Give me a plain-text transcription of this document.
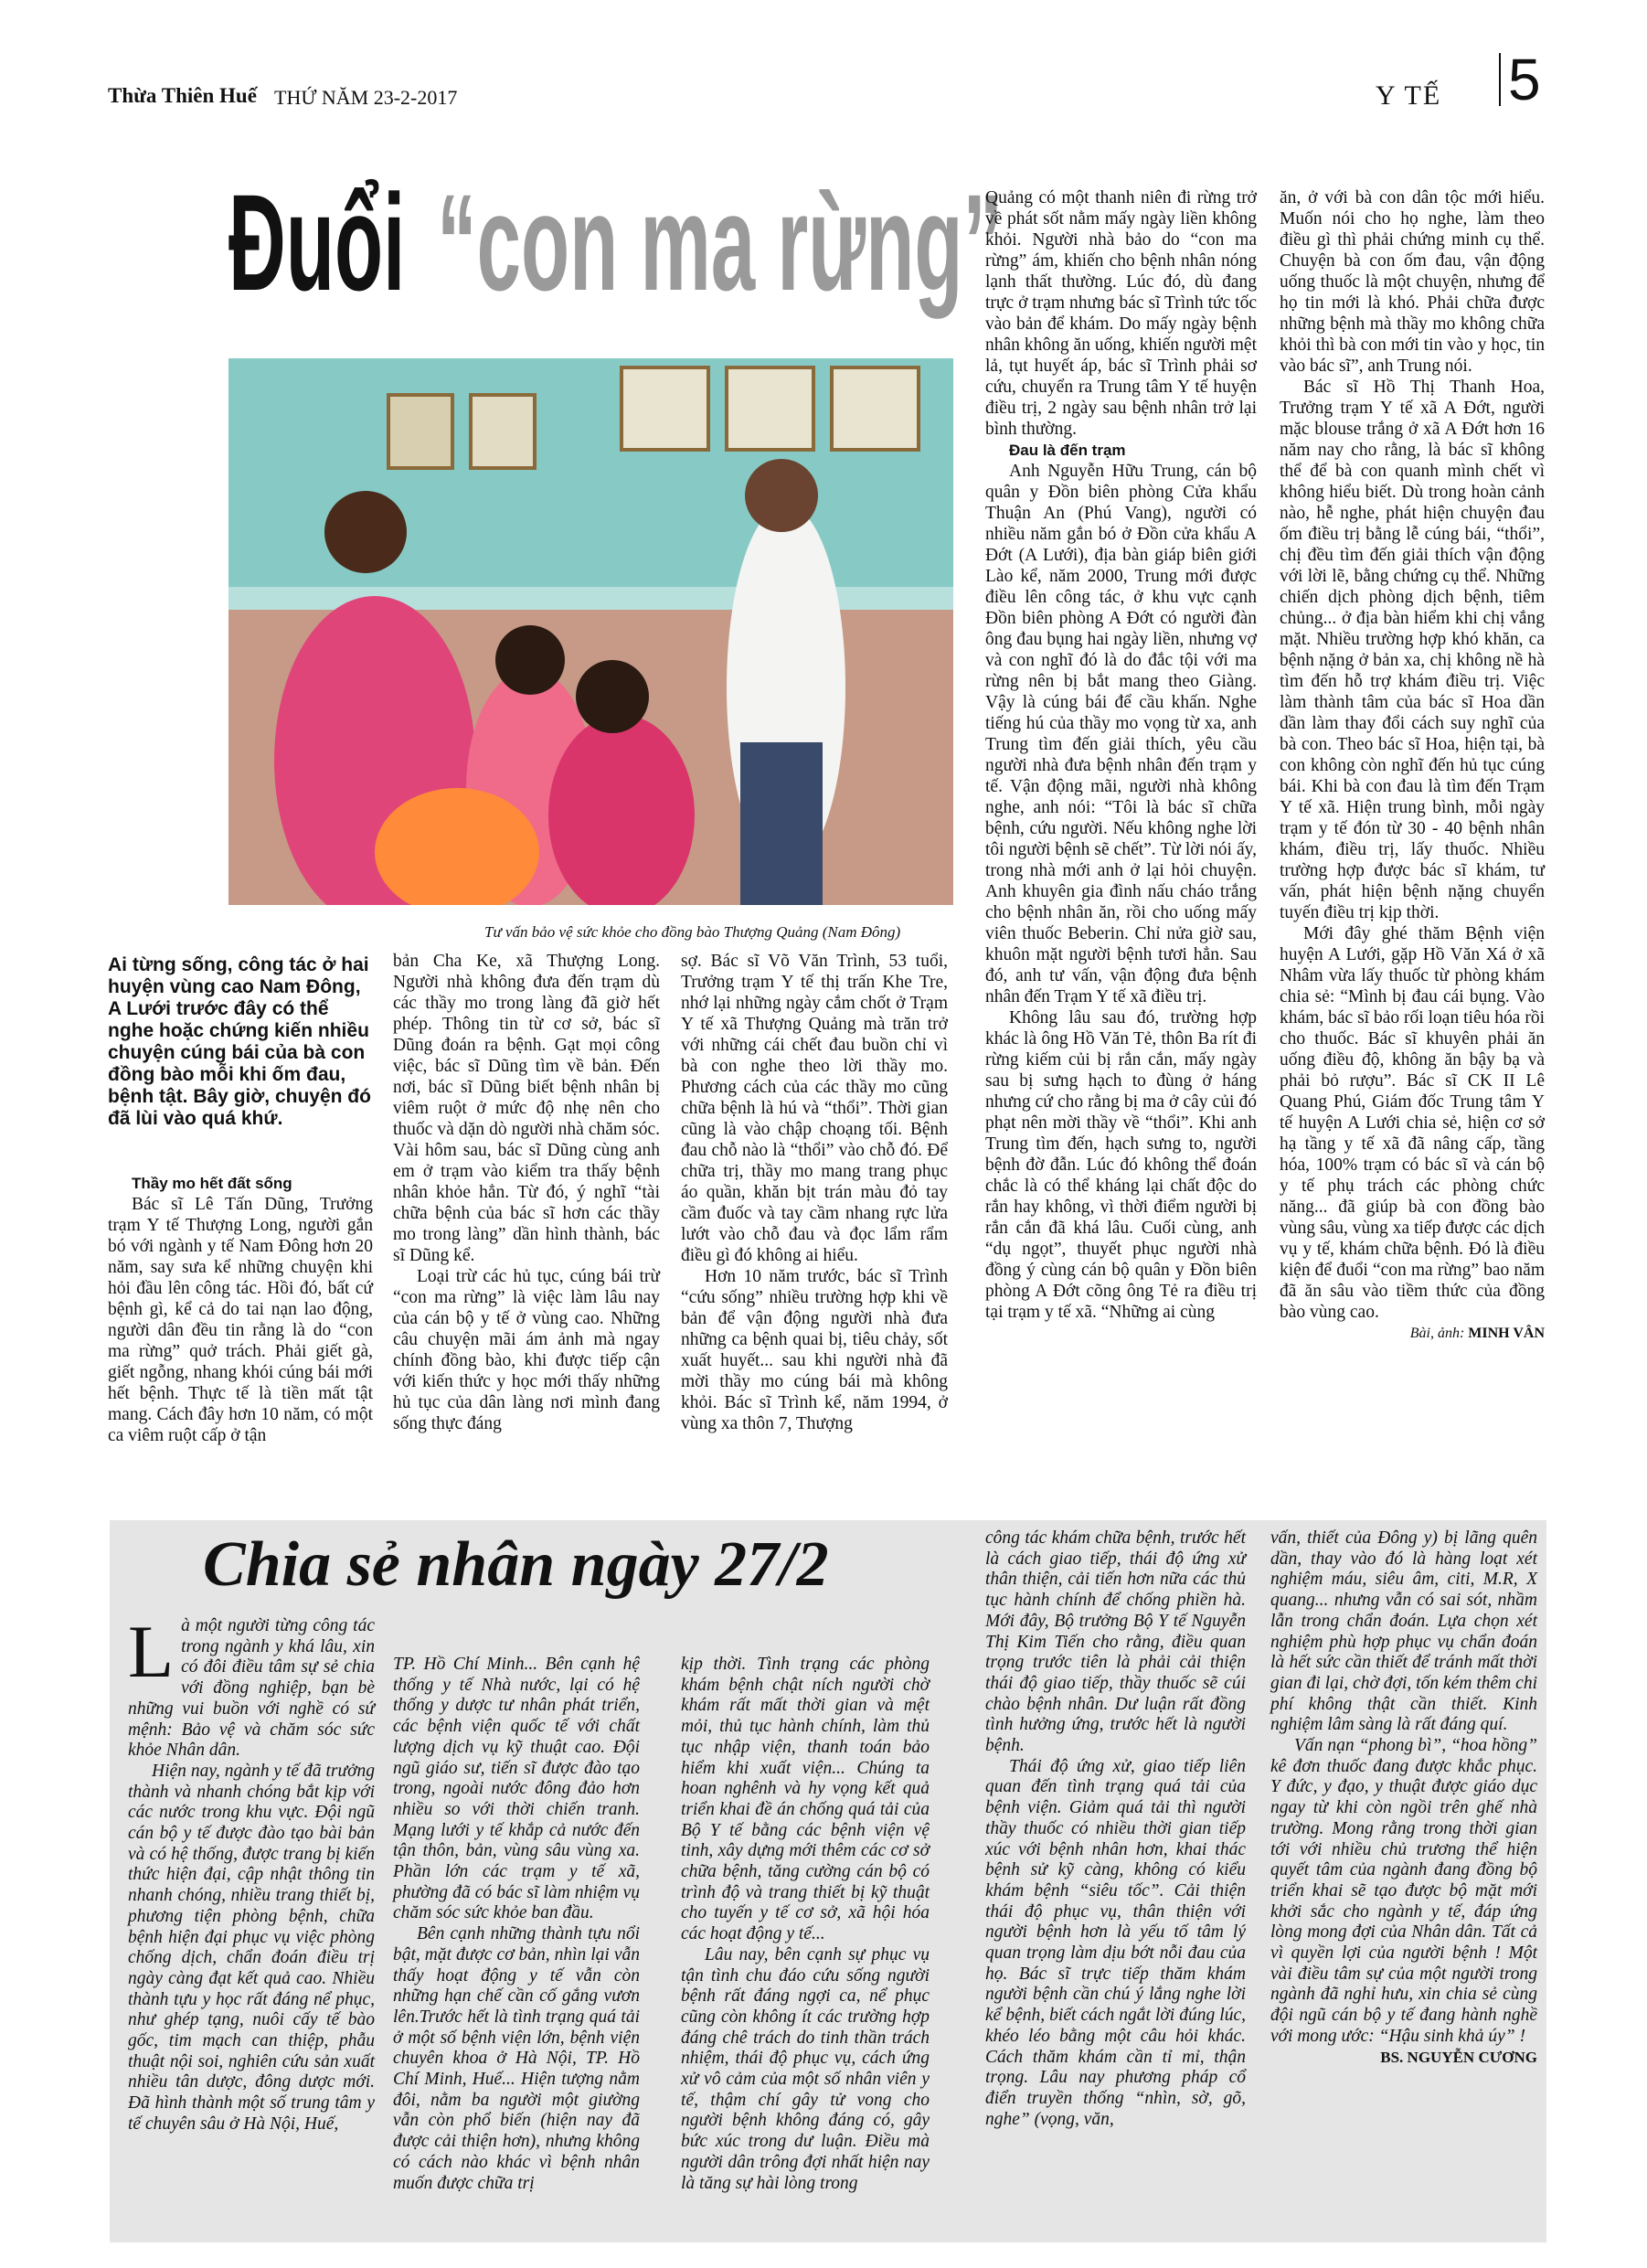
Thừa Thiên Huế THỨ NĂM 23-2-2017	Y TẾ 5
Đuổi “con ma rừng”
Tư vấn bảo vệ sức khỏe cho đồng bào Thượng Quảng (Nam Đông)
Ai từng sống, công tác ở hai huyện vùng cao Nam Đông, A Lưới trước đây có thể nghe hoặc chứng kiến nhiều chuyện cúng bái của bà con đồng bào mỗi khi ốm đau, bệnh tật. Bây giờ, chuyện đó đã lùi vào quá khứ.

Thầy mo hết đất sống

Bác sĩ Lê Tấn Dũng, Trưởng trạm Y tế Thượng Long, người gắn bó với ngành y tế Nam Đông hơn 20 năm, say sưa kể những chuyện khi hỏi đầu lên công tác. Hồi đó, bất cứ bệnh gì, kể cả do tai nạn lao động, người dân đều tin rằng là do “con ma rừng” quở trách. Phải giết gà, giết ngỗng, nhang khói cúng bái mới hết bệnh. Thực tế là tiền mất tật mang. Cách đây hơn 10 năm, có một ca viêm ruột cấp ở tận

bản Cha Ke, xã Thượng Long. Người nhà không đưa đến trạm dù các thầy mo trong làng đã giờ hết phép. Thông tin từ cơ sở, bác sĩ Dũng đoán ra bệnh. Gạt mọi công việc, bác sĩ Dũng tìm về bản. Đến nơi, bác sĩ Dũng biết bệnh nhân bị viêm ruột ở mức độ nhẹ nên cho thuốc và dặn dò người nhà chăm sóc. Vài hôm sau, bác sĩ Dũng cùng anh em ở trạm vào kiểm tra thấy bệnh nhân khỏe hẳn. Từ đó, ý nghĩ “tài chữa bệnh của bác sĩ hơn các thầy mo trong làng” dần hình thành, bác sĩ Dũng kể.

Loại trừ các hủ tục, cúng bái trừ “con ma rừng” là việc làm lâu nay của cán bộ y tế ở vùng cao. Những câu chuyện mãi ám ảnh mà ngay chính đồng bào, khi được tiếp cận với kiến thức y học mới thấy những hủ tục của dân làng nơi mình đang sống thực đáng

sợ. Bác sĩ Võ Văn Trình, 53 tuổi, Trưởng trạm Y tế thị trấn Khe Tre, nhớ lại những ngày cắm chốt ở Trạm Y tế xã Thượng Quảng mà trăn trở với những cái chết đau buồn chỉ vì bà con nghe theo lời thầy mo. Phương cách của các thầy mo cũng chữa bệnh là hú và “thổi”. Thời gian cũng là vào chập choạng tối. Bệnh đau chỗ nào là “thổi” vào chỗ đó. Để chữa trị, thầy mo mang trang phục áo quần, khăn bịt trán màu đỏ tay cầm đuốc và tay cầm nhang rực lửa lướt vào chỗ đau và đọc lẩm rẩm điều gì đó không ai hiểu.

Hơn 10 năm trước, bác sĩ Trình “cứu sống” nhiều trường hợp khi về bản để vận động người nhà đưa những ca bệnh quai bị, tiêu chảy, sốt xuất huyết... sau khi người nhà đã mời thầy mo cúng bái mà không khỏi. Bác sĩ Trình kể, năm 1994, ở vùng xa thôn 7, Thượng

Quảng có một thanh niên đi rừng trở về phát sốt nằm mấy ngày liền không khỏi. Người nhà bảo do “con ma rừng” ám, khiến cho bệnh nhân nóng lạnh thất thường. Lúc đó, dù đang trực ở trạm nhưng bác sĩ Trình tức tốc vào bản để khám. Do mấy ngày bệnh nhân không ăn uống, khiến người mệt lả, tụt huyết áp, bác sĩ Trình phải sơ cứu, chuyển ra Trung tâm Y tế huyện điều trị, 2 ngày sau bệnh nhân trở lại bình thường.

Đau là đến trạm

Anh Nguyễn Hữu Trung, cán bộ quân y Đồn biên phòng Cửa khẩu Thuận An (Phú Vang), người có nhiều năm gắn bó ở Đồn cửa khẩu A Đớt (A Lưới), địa bàn giáp biên giới Lào kể, năm 2000, Trung mới được điều lên công tác, ở khu vực cạnh Đồn biên phòng A Đớt có người đàn ông đau bụng hai ngày liền, nhưng vợ và con nghĩ đó là do đắc tội với ma rừng nên bị bắt mang theo Giàng. Vậy là cúng bái để cầu khấn. Nghe tiếng hú của thầy mo vọng từ xa, anh Trung tìm đến giải thích, yêu cầu người nhà đưa bệnh nhân đến trạm y tế. Vận động mãi, người nhà không nghe, anh nói: “Tôi là bác sĩ chữa bệnh, cứu người. Nếu không nghe lời tôi người bệnh sẽ chết”. Từ lời nói ấy, trong nhà mới anh ở lại hỏi chuyện. Anh khuyên gia đình nấu cháo trắng cho bệnh nhân ăn, rồi cho uống mấy viên thuốc Beberin. Chỉ nửa giờ sau, khuôn mặt người bệnh tươi hẳn. Sau đó, anh tư vấn, vận động đưa bệnh nhân đến Trạm Y tế xã điều trị.

Không lâu sau đó, trường hợp khác là ông Hồ Văn Tẻ, thôn Ba rít đi rừng kiếm củi bị rắn cắn, mấy ngày sau bị sưng hạch to đùng ở háng nhưng cứ cho rằng bị ma ở cây củi đó phạt nên mời thầy về “thổi”. Khi anh Trung tìm đến, hạch sưng to, người bệnh đờ đẫn. Lúc đó không thể đoán chắc là có thể kháng lại chất độc do rắn hay không, vì thời điểm người bị rắn cắn đã khá lâu. Cuối cùng, anh “dụ ngọt”, thuyết phục người nhà đồng ý cùng cán bộ quân y Đồn biên phòng A Đớt cõng ông Tẻ ra điều trị tại trạm y tế xã. “Những ai cùng

ăn, ở với bà con dân tộc mới hiểu. Muốn nói cho họ nghe, làm theo điều gì thì phải chứng minh cụ thể. Chuyện bà con ốm đau, vận động uống thuốc là một chuyện, nhưng để họ tin mới là khó. Phải chữa được những bệnh mà thầy mo không chữa khỏi thì bà con mới tin vào y học, tin vào bác sĩ”, anh Trung nói.

Bác sĩ Hồ Thị Thanh Hoa, Trưởng trạm Y tế xã A Đớt, người mặc blouse trắng ở xã A Đớt hơn 16 năm nay cho rằng, là bác sĩ không thể để bà con quanh mình chết vì không hiểu biết. Dù trong hoàn cảnh nào, hễ nghe, phát hiện chuyện đau ốm điều trị bằng lễ cúng bái, “thổi”, chị đều tìm đến giải thích vận động với lời lẽ, bằng chứng cụ thể. Những chiến dịch phòng dịch bệnh, tiêm chủng... ở địa bàn hiểm khi chị vắng mặt. Nhiều trường hợp khó khăn, ca bệnh nặng ở bản xa, chị không nề hà tìm đến hỗ trợ khám điều trị. Việc làm thành tâm của bác sĩ Hoa dần dần làm thay đổi cách suy nghĩ của bà con. Theo bác sĩ Hoa, hiện tại, bà con không còn nghĩ đến hủ tục cúng bái. Khi bà con đau là tìm đến Trạm Y tế xã. Hiện trung bình, mỗi ngày trạm y tế đón từ 30 - 40 bệnh nhân khám, điều trị, lấy thuốc. Nhiều trường hợp được bác sĩ khám, tư vấn, phát hiện bệnh nặng chuyển tuyến điều trị kịp thời.

Mới đây ghé thăm Bệnh viện huyện A Lưới, gặp Hồ Văn Xá ở xã Nhâm vừa lấy thuốc từ phòng khám chia sẻ: “Mình bị đau cái bụng. Vào khám, bác sĩ bảo rối loạn tiêu hóa rồi cho thuốc. Bác sĩ khuyên phải ăn uống điều độ, không ăn bậy bạ và phải bỏ rượu”. Bác sĩ CK II Lê Quang Phú, Giám đốc Trung tâm Y tế huyện A Lưới chia sẻ, hiện cơ sở hạ tầng y tế xã đã nâng cấp, tầng hóa, 100% trạm có bác sĩ và cán bộ y tế phụ trách các phòng chức năng... đã giúp bà con đồng bào vùng sâu, vùng xa tiếp được các dịch vụ y tế, khám chữa bệnh. Đó là điều kiện để đuổi “con ma rừng” bao năm đã ăn sâu vào tiềm thức của đồng bào vùng cao.

Bài, ảnh: MINH VÂN
Chia sẻ nhân ngày 27/2

Là một người từng công tác trong ngành y khá lâu, xin có đôi điều tâm sự sẻ chia với đồng nghiệp, bạn bè những vui buồn với nghề có sứ mệnh: Bảo vệ và chăm sóc sức khỏe Nhân dân.

Hiện nay, ngành y tế đã trưởng thành và nhanh chóng bắt kịp với các nước trong khu vực. Đội ngũ cán bộ y tế được đào tạo bài bản và có hệ thống, được trang bị kiến thức hiện đại, cập nhật thông tin nhanh chóng, nhiều trang thiết bị, phương tiện phòng bệnh, chữa bệnh hiện đại phục vụ việc phòng chống dịch, chẩn đoán điều trị ngày càng đạt kết quả cao. Nhiều thành tựu y học rất đáng nể phục, như ghép tạng, nuôi cấy tế bào gốc, tim mạch can thiệp, phẫu thuật nội soi, nghiên cứu sản xuất nhiều tân dược, đông dược mới. Đã hình thành một số trung tâm y tế chuyên sâu ở Hà Nội, Huế,

TP. Hồ Chí Minh... Bên cạnh hệ thống y tế Nhà nước, lại có hệ thống y dược tư nhân phát triển, các bệnh viện quốc tế với chất lượng dịch vụ kỹ thuật cao. Đội ngũ giáo sư, tiến sĩ được đào tạo trong, ngoài nước đông đảo hơn nhiều so với thời chiến tranh. Mạng lưới y tế khắp cả nước đến tận thôn, bản, vùng sâu vùng xa. Phần lớn các trạm y tế xã, phường đã có bác sĩ làm nhiệm vụ chăm sóc sức khỏe ban đầu.

Bên cạnh những thành tựu nổi bật, mặt được cơ bản, nhìn lại vẫn thấy hoạt động y tế vẫn còn những hạn chế cần cố gắng vươn lên.Trước hết là tình trạng quá tải ở một số bệnh viện lớn, bệnh viện chuyên khoa ở Hà Nội, TP. Hồ Chí Minh, Huế... Hiện tượng nằm đôi, nằm ba người một giường vẫn còn phổ biến (hiện nay đã được cải thiện hơn), nhưng không có cách nào khác vì bệnh nhân muốn được chữa trị

kịp thời. Tình trạng các phòng khám bệnh chật ních người chờ khám rất mất thời gian và mệt mỏi, thủ tục hành chính, làm thủ tục nhập viện, thanh toán bảo hiểm khi xuất viện... Chúng ta hoan nghênh và hy vọng kết quả triển khai đề án chống quá tải của Bộ Y tế bằng các bệnh viện vệ tinh, xây dựng mới thêm các cơ sở chữa bệnh, tăng cường cán bộ có trình độ và trang thiết bị kỹ thuật cho tuyến y tế cơ sở, xã hội hóa các hoạt động y tế...

Lâu nay, bên cạnh sự phục vụ tận tình chu đáo cứu sống người bệnh rất đáng ngợi ca, nể phục cũng còn không ít các trường hợp đáng chê trách do tinh thần trách nhiệm, thái độ phục vụ, cách ứng xử vô cảm của một số nhân viên y tế, thậm chí gây tử vong cho người bệnh không đáng có, gây bức xúc trong dư luận. Điều mà người dân trông đợi nhất hiện nay là tăng sự hài lòng trong

công tác khám chữa bệnh, trước hết là cách giao tiếp, thái độ ứng xử thân thiện, cải tiến hơn nữa các thủ tục hành chính để chống phiền hà. Mới đây, Bộ trưởng Bộ Y tế Nguyễn Thị Kim Tiến cho rằng, điều quan trọng trước tiên là phải cải thiện thái độ giao tiếp, thầy thuốc sẽ cúi chào bệnh nhân. Dư luận rất đồng tình hưởng ứng, trước hết là người bệnh.

Thái độ ứng xử, giao tiếp liên quan đến tình trạng quá tải của bệnh viện. Giảm quá tải thì người thầy thuốc có nhiều thời gian tiếp xúc với bệnh nhân hơn, khai thác bệnh sử kỹ càng, không có kiểu khám bệnh “siêu tốc”. Cải thiện thái độ phục vụ, thân thiện với người bệnh hơn là yếu tố tâm lý quan trọng làm dịu bớt nỗi đau của họ. Bác sĩ trực tiếp thăm khám người bệnh cần chú ý lắng nghe lời kể bệnh, biết cách ngắt lời đúng lúc, khéo léo bằng một câu hỏi khác. Cách thăm khám cần tỉ mỉ, thận trọng. Lâu nay phương pháp cổ điển truyền thống “nhìn, sờ, gõ, nghe” (vọng, văn,

vấn, thiết của Đông y) bị lãng quên dần, thay vào đó là hàng loạt xét nghiệm máu, siêu âm, citi, M.R, X quang... nhưng vẫn có sai sót, nhầm lẫn trong chẩn đoán. Lựa chọn xét nghiệm phù hợp phục vụ chẩn đoán là hết sức cần thiết để tránh mất thời gian đi lại, chờ đợi, tốn kém thêm chi phí không thật cần thiết. Kinh nghiệm lâm sàng là rất đáng quí.

Vấn nạn “phong bì”, “hoa hồng” kê đơn thuốc đang được khắc phục. Y đức, y đạo, y thuật được giáo dục ngay từ khi còn ngồi trên ghế nhà trường. Mong rằng trong thời gian tới với nhiều chủ trương thể hiện quyết tâm của ngành đang đồng bộ triển khai sẽ tạo được bộ mặt mới khởi sắc cho ngành y tế, đáp ứng lòng mong đợi của Nhân dân. Tất cả vì quyền lợi của người bệnh ! Một vài điều tâm sự của một người trong ngành đã nghỉ hưu, xin chia sẻ cùng đội ngũ cán bộ y tế đang hành nghề với mong ước: “Hậu sinh khả úy” !

BS. NGUYỄN CƯƠNG
